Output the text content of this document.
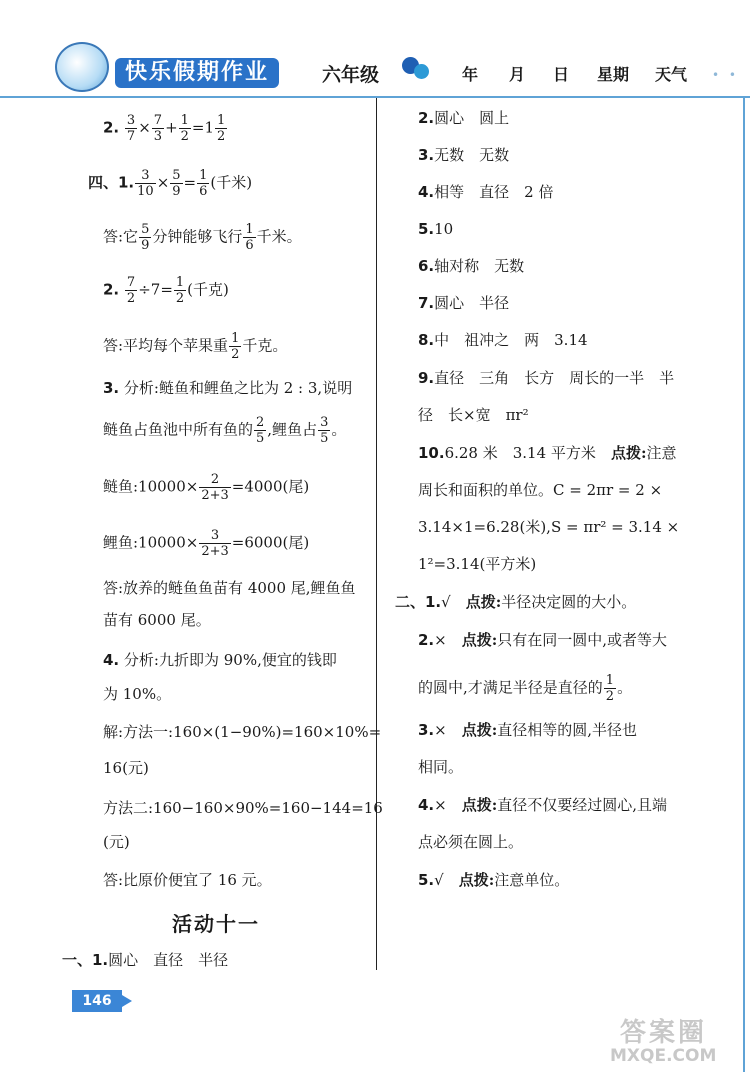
快乐假期作业	六年级	年 月 日 星期 天气 • •
2. $\frac{3}{7} \times \frac{7}{3} + \frac{1}{2} =1 \frac{1}{2}$
四、1. $\frac{3}{10} \times \frac{5}{9} = \frac{1}{6}$ (千米)
答:它 $\frac{5}{9}$ 分钟能够飞行 $\frac{1}{6}$ 千米。
2. $\frac{7}{2} \div 7= \frac{1}{2}$ (千克)
答:平均每个苹果重 $\frac{1}{2}$ 千克。
3. 分析:鲢鱼和鲤鱼之比为 2 : 3,说明
鲢鱼占鱼池中所有鱼的 $\frac{2}{5}$ ,鲤鱼占 $\frac{3}{5}$ 。
鲢鱼:10000× $\frac{2}{2+3} =4000$(尾)
鲤鱼:10000× $\frac{3}{2+3} =6000$(尾)
答:放养的鲢鱼鱼苗有 4000 尾,鲤鱼鱼
苗有 6000 尾。
4. 分析:九折即为 90%,便宜的钱即
为 10%。
解:方法一:160×(1−90%)=160×10%=
16(元)
方法二:160−160×90%=160−144=16
(元)
答:比原价便宜了 16 元。
活动十一
一、1.圆心　直径　半径
146
2.圆心　圆上
3.无数　无数
4.相等　直径　2 倍
5.10
6.轴对称　无数
7.圆心　半径
8.中　祖冲之　两　3.14
9.直径　三角　长方　周长的一半　半
径　长×宽　πr²
10.6.28 米　3.14 平方米　 点拨:注意
周长和面积的单位。C = 2πr = 2 ×
3.14×1=6.28(米),S = πr² = 3.14 ×
1²=3.14(平方米)
二、1.√　 点拨:半径决定圆的大小。
2.×　 点拨:只有在同一圆中,或者等大
的圆中,才满足半径是直径的 $\frac{1}{2}$ 。
3.×　 点拨:直径相等的圆,半径也
相同。
4.×　 点拨:直径不仅要经过圆心,且端
点必须在圆上。
5.√　 点拨:注意单位。
答案圈
MXQE.COM
